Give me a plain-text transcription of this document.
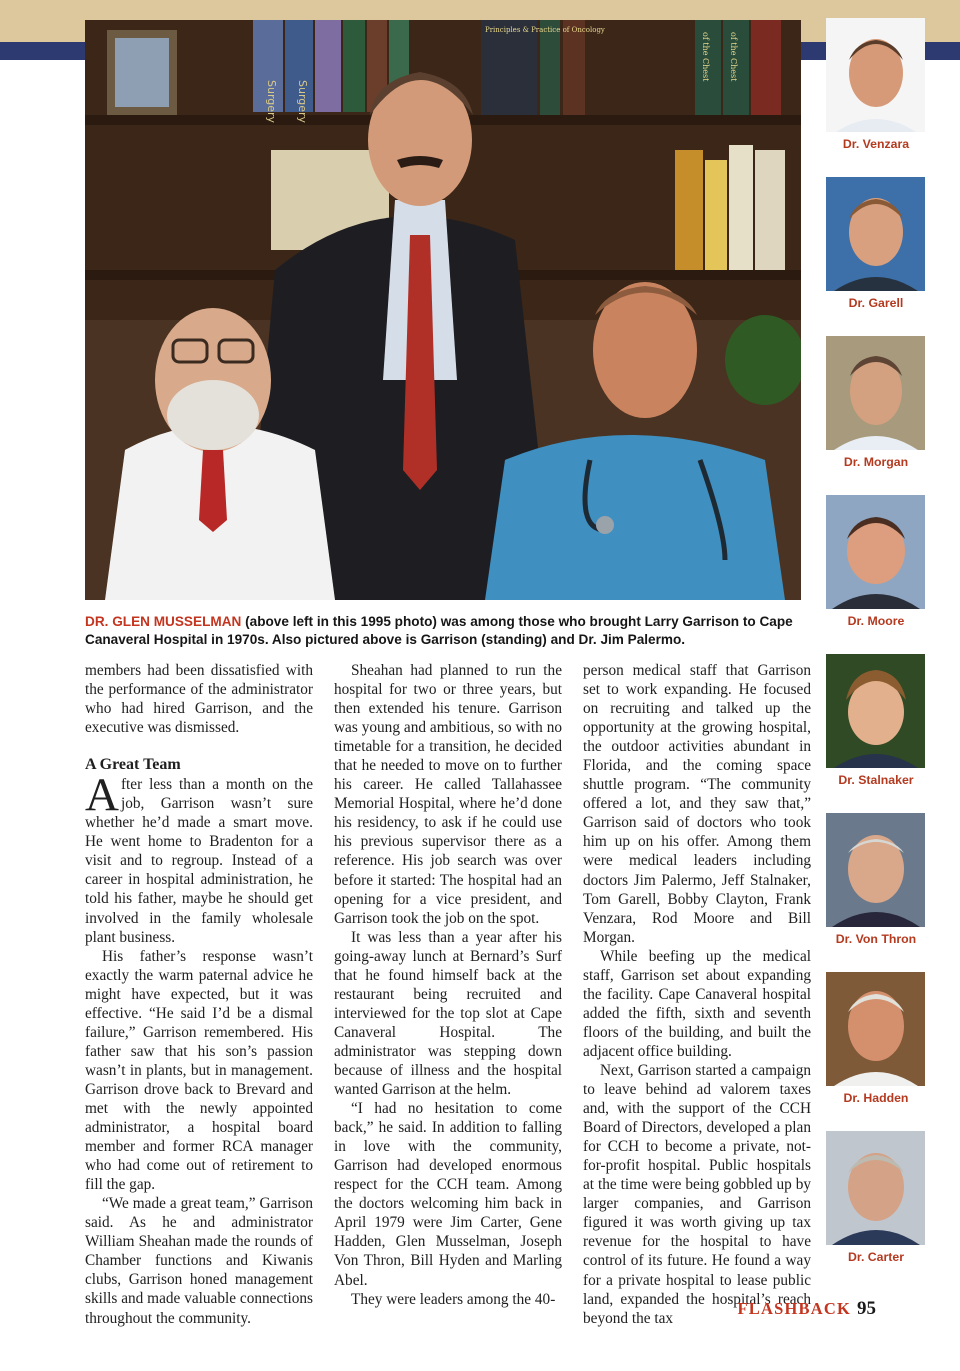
Surgery Surgery
Principles & Practice of Oncology
of the Chest of the Chest
DR. GLEN MUSSELMAN (above left in this 1995 photo) was among those who brought Larry Garrison to Cape Canaveral Hospital in 1970s. Also pictured above is Garrison (standing) and Dr. Jim Palermo.

members had been dissatisfied with the performance of the administrator who had hired Garrison, and the executive was dismissed.

A Great Team

After less than a month on the job, Garrison wasn’t sure whether he’d made a smart move. He went home to Bradenton for a visit and to regroup. Instead of a career in hospital administration, he told his father, maybe he should get involved in the family wholesale plant business.

His father’s response wasn’t exactly the warm paternal advice he might have expected, but it was effective. “He said I’d be a dismal failure,” Garrison remembered. His father saw that his son’s passion wasn’t in plants, but in management. Garrison drove back to Brevard and met with the newly appointed administrator, a hospital board member and former RCA manager who had come out of retirement to fill the gap.

“We made a great team,” Garrison said. As he and administrator William Sheahan made the rounds of Chamber functions and Kiwanis clubs, Garrison honed management skills and made valuable connections throughout the community.

Sheahan had planned to run the hospital for two or three years, but then extended his tenure. Garrison was young and ambitious, so with no timetable for a transition, he decided that he needed to move on to further his career. He called Tallahassee Memorial Hospital, where he’d done his residency, to ask if he could use his previous supervisor there as a reference. His job search was over before it started: The hospital had an opening for a vice president, and Garrison took the job on the spot.

It was less than a year after his going-away lunch at Bernard’s Surf that he found himself back at the restaurant being recruited and interviewed for the top slot at Cape Canaveral Hospital. The administrator was stepping down because of illness and the hospital wanted Garrison at the helm.

“I had no hesitation to come back,” he said. In addition to falling in love with the community, Garrison had developed enormous respect for the CCH team. Among the doctors welcoming him back in April 1979 were Jim Carter, Gene Hadden, Glen Musselman, Joseph Von Thron, Bill Hyden and Marling Abel.

They were leaders among the 40-

person medical staff that Garrison set to work expanding. He focused on recruiting and talked up the opportunity at the growing hospital, the outdoor activities abundant in Florida, and the coming space shuttle program. “The community offered a lot, and they saw that,” Garrison said of doctors who took him up on his offer. Among them were medical leaders including doctors Jim Palermo, Jeff Stalnaker, Tom Garell, Bobby Clayton, Frank Venzara, Rod Moore and Bill Morgan.

While beefing up the medical staff, Garrison set about expanding the facility. Cape Canaveral hospital added the fifth, sixth and seventh floors of the building, and built the adjacent office building.

Next, Garrison started a campaign to leave behind ad valorem taxes and, with the support of the CCH Board of Directors, developed a plan for CCH to become a private, not-for-profit hospital. Public hospitals at the time were being gobbled up by larger companies, and Garrison figured it was worth giving up tax revenue for the hospital to have control of its future. He found a way for a private hospital to lease public land, expanded the hospital’s reach beyond the tax

Dr. Venzara
Dr. Garell
Dr. Morgan
Dr. Moore
Dr. Stalnaker
Dr. Von Thron
Dr. Hadden
Dr. Carter
FLASHBACK 95
